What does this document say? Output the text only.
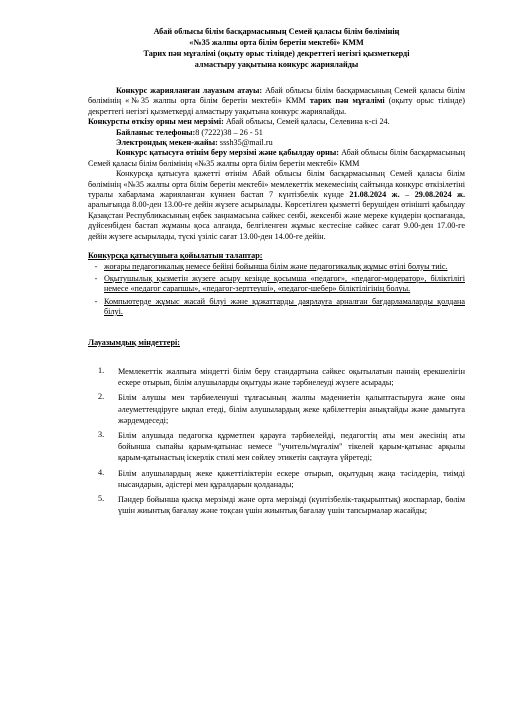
Абай облысы білім басқармасының Семей қаласы білім бөлімінің
«№35 жалпы орта білім беретін мектебі» КММ
Тарих пән мұғалімі (оқыту орыс тілінде) декреттегі негізгі қызметкерді
алмастыру уақытына конкурс жариялайды

Конкурс жарияланған лауазым атауы: Абай облысы білім басқармасының Семей қаласы білім бөлімінің «№35 жалпы орта білім беретін мектебі» КММ тарих пән мұғалімі (оқыту орыс тілінде) декреттегі негізгі қызметкерді алмастыру уақытына конкурс жариялайды.

Конкурсты өткізу орны мен мерзімі: Абай облысы, Семей қаласы, Селевина к-сі 24.

Байланыс телефоны:8 (7222)38 – 26 - 51

Электрондық мекен-жайы: sssh35@mail.ru

Конкурс қатысуға өтінім беру мерзімі және қабылдау орны: Абай облысы білім басқармасының Семей қаласы білім бөлімінің «№35 жалпы орта білім беретін мектебі» КММ

Конкурсқа қатысуға қажетті өтінім Абай облысы білім басқармасының Семей қаласы білім бөлімінің «№35 жалпы орта білім беретін мектебі» мемлекеттік мекемесінің сайтында конкурс өткізілетіні туралы хабарлама жарияланған күннен бастап 7 күнтізбелік күнде 21.08.2024 ж. – 29.08.2024 ж. аралығында 8.00-ден 13.00-ге дейін жүзеге асырылады. Көрсетілген қызметті берушіден өтінішті қабылдау Қазақстан Республикасының еңбек заңнамасына сәйкес сенбі, жексенбі және мереке күндерін қоспағанда, дүйсенбіден бастап жұманы қоса алғанда, белгіленген жұмыс кестесіне сәйкес сағат 9.00-ден 17.00-ге дейін жүзеге асырылады, түскі үзіліс сағат 13.00-ден 14.00-ге дейін.

Конкурсқа қатысушыға қойылатын талаптар:

- жоғары педагогикалық немесе бейіні бойынша білім және педагогикалық жұмыс өтілі болуы тиіс.
- Оқытушылық қызметін жүзеге асыру кезінде қосымша «педагог», «педагог-модератор», біліктілігі немесе «педагог сарапшы», «педагог-зерттеуші», «педагог-шебер» біліктілігінің болуы.
- Компьютерде жұмыс жасай білуі және құжаттарды даярлауға арналған бағдарламаларды қолдана білуі.

Лауазымдық міндеттері:

1.	Мемлекеттік жалпыға міндетті білім беру стандартына сәйкес оқытылатын пәннің ерекшелігін ескере отырып, білім алушыларды оқытуды және тәрбиелеуді жүзеге асырады;
2.	Білім алушы мен тәрбиеленуші тұлғасының жалпы мәдениетін қалыптастыруға және оны әлеуметтендіруге ықпал етеді, білім алушылардың жеке қабілеттерін анықтайды және дамытуға жәрдемдеседі;
3.	Білім алушыда педагогка құрметпен қарауға тәрбиелейді, педагогтің аты мен әкесінің аты бойынша сыпайы қарым-қатынас немесе "учитель/мұғалім" тікелей қарым-қатынас арқылы қарым-қатынастың іскерлік стилі мен сөйлеу этикетін сақтауға үйретеді;
4.	Білім алушылардың жеке қажеттіліктерін ескере отырып, оқытудың жаңа тәсілдерін, тиімді нысандарын, әдістері мен құралдарын қолданады;
5.	Пәндер бойынша қысқа мерзімді және орта мерзімді (күнтізбелік-тақырыптық) жоспарлар, бөлім үшін жиынтық бағалау және тоқсан үшін жиынтық бағалау үшін тапсырмалар жасайды;
